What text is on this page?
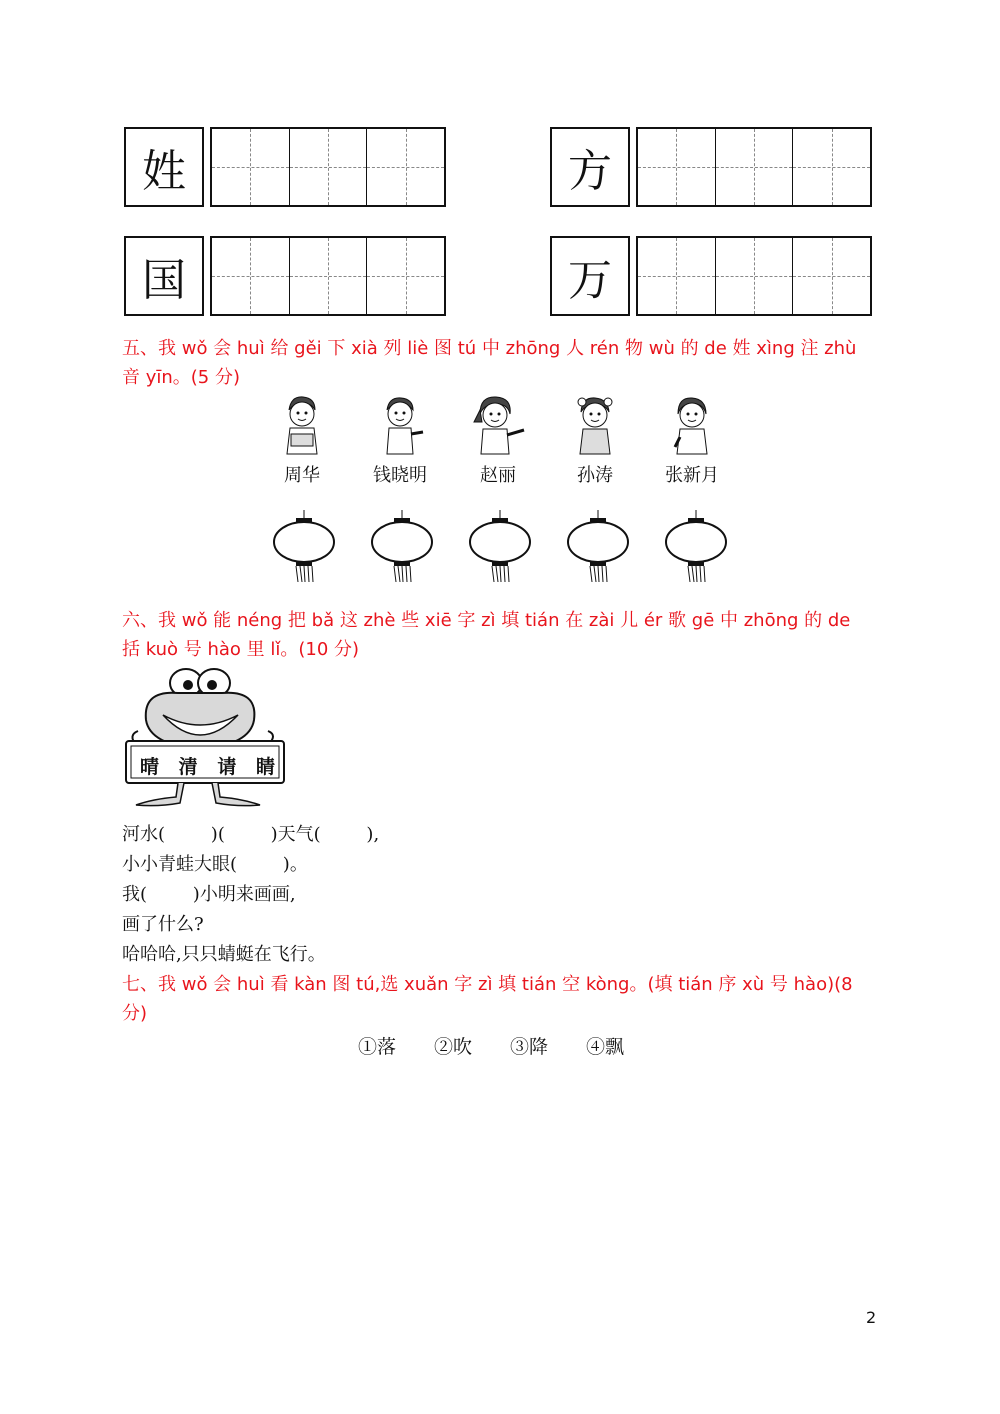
姓	方
国	万
五、我 wǒ 会 huì 给 gěi 下 xià 列 liè 图 tú 中 zhōng 人 rén 物 wù 的 de 姓 xìng 注 zhù
音 yīn。(5 分)
周华	钱晓明	赵丽	孙涛	张新月
六、我 wǒ 能 néng 把 bǎ 这 zhè 些 xiē 字 zì 填 tián 在 zài 儿 ér 歌 gē 中 zhōng 的 de
括 kuò 号 hào 里 lǐ。(10 分)
晴 清 请 睛
河水(        )(        )天气(        ),
小小青蛙大眼(        )。
我(        )小明来画画,
画了什么?
哈哈哈,只只蜻蜓在飞行。
七、我 wǒ 会 huì 看 kàn 图 tú,选 xuǎn 字 zì 填 tián 空 kòng。(填 tián 序 xù 号 hào)(8
分)
①落 ②吹 ③降 ④飘
2
